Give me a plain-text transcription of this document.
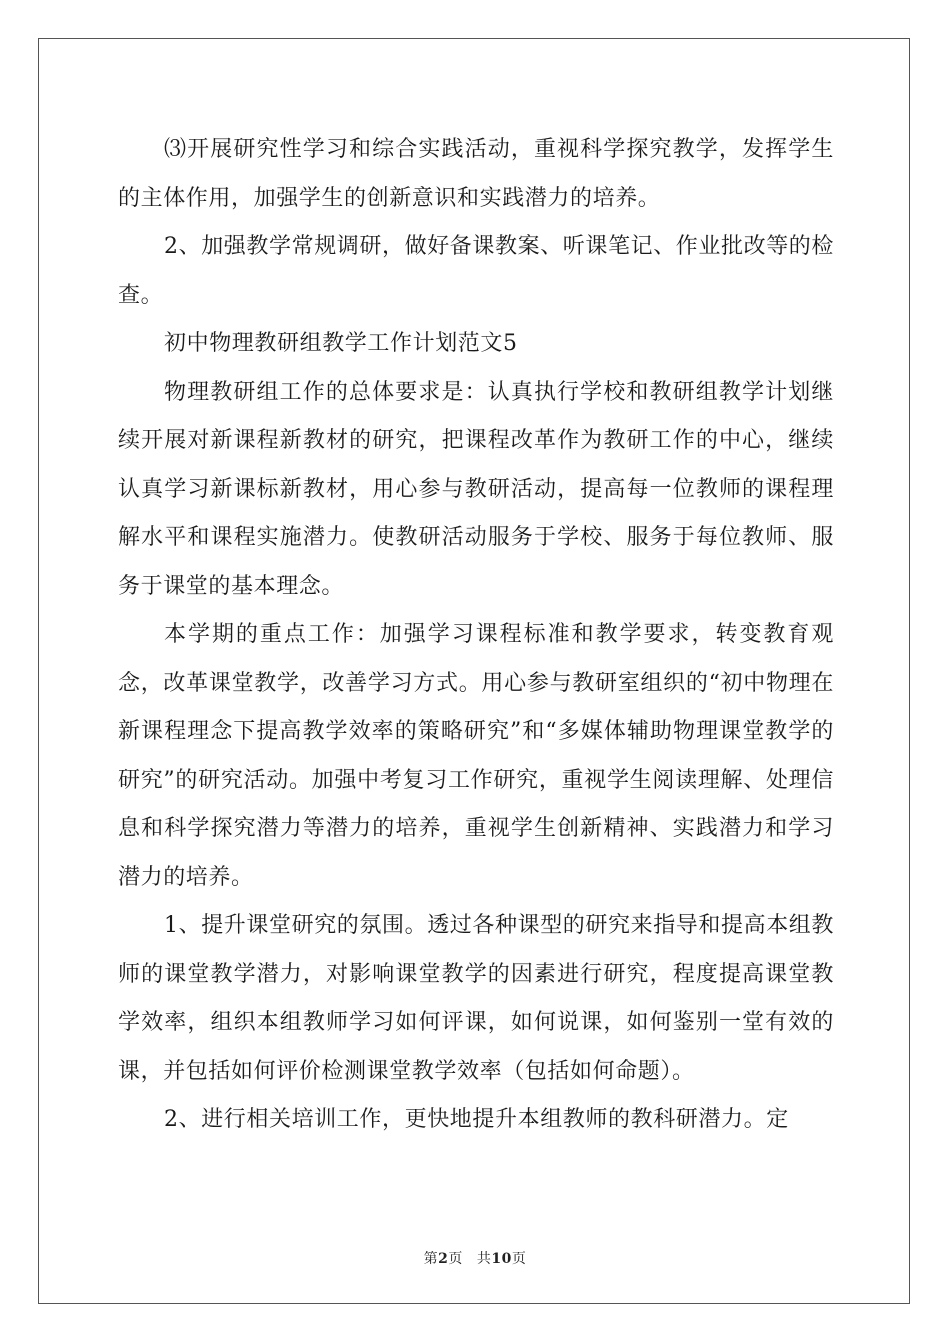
⑶开展研究性学习和综合实践活动，重视科学探究教学，发挥学生的主体作用，加强学生的创新意识和实践潜力的培养。

2、加强教学常规调研，做好备课教案、听课笔记、作业批改等的检查。

初中物理教研组教学工作计划范文5

物理教研组工作的总体要求是：认真执行学校和教研组教学计划继续开展对新课程新教材的研究，把课程改革作为教研工作的中心，继续认真学习新课标新教材，用心参与教研活动，提高每一位教师的课程理解水平和课程实施潜力。使教研活动服务于学校、服务于每位教师、服务于课堂的基本理念。

本学期的重点工作：加强学习课程标准和教学要求，转变教育观念，改革课堂教学，改善学习方式。用心参与教研室组织的“初中物理在新课程理念下提高教学效率的策略研究”和“多媒体辅助物理课堂教学的研究”的研究活动。加强中考复习工作研究，重视学生阅读理解、处理信息和科学探究潜力等潜力的培养，重视学生创新精神、实践潜力和学习潜力的培养。

1、提升课堂研究的氛围。透过各种课型的研究来指导和提高本组教师的课堂教学潜力，对影响课堂教学的因素进行研究，程度提高课堂教学效率，组织本组教师学习如何评课，如何说课，如何鉴别一堂有效的课，并包括如何评价检测课堂教学效率（包括如何命题）。

2、进行相关培训工作，更快地提升本组教师的教科研潜力。定

第2页 共10页
